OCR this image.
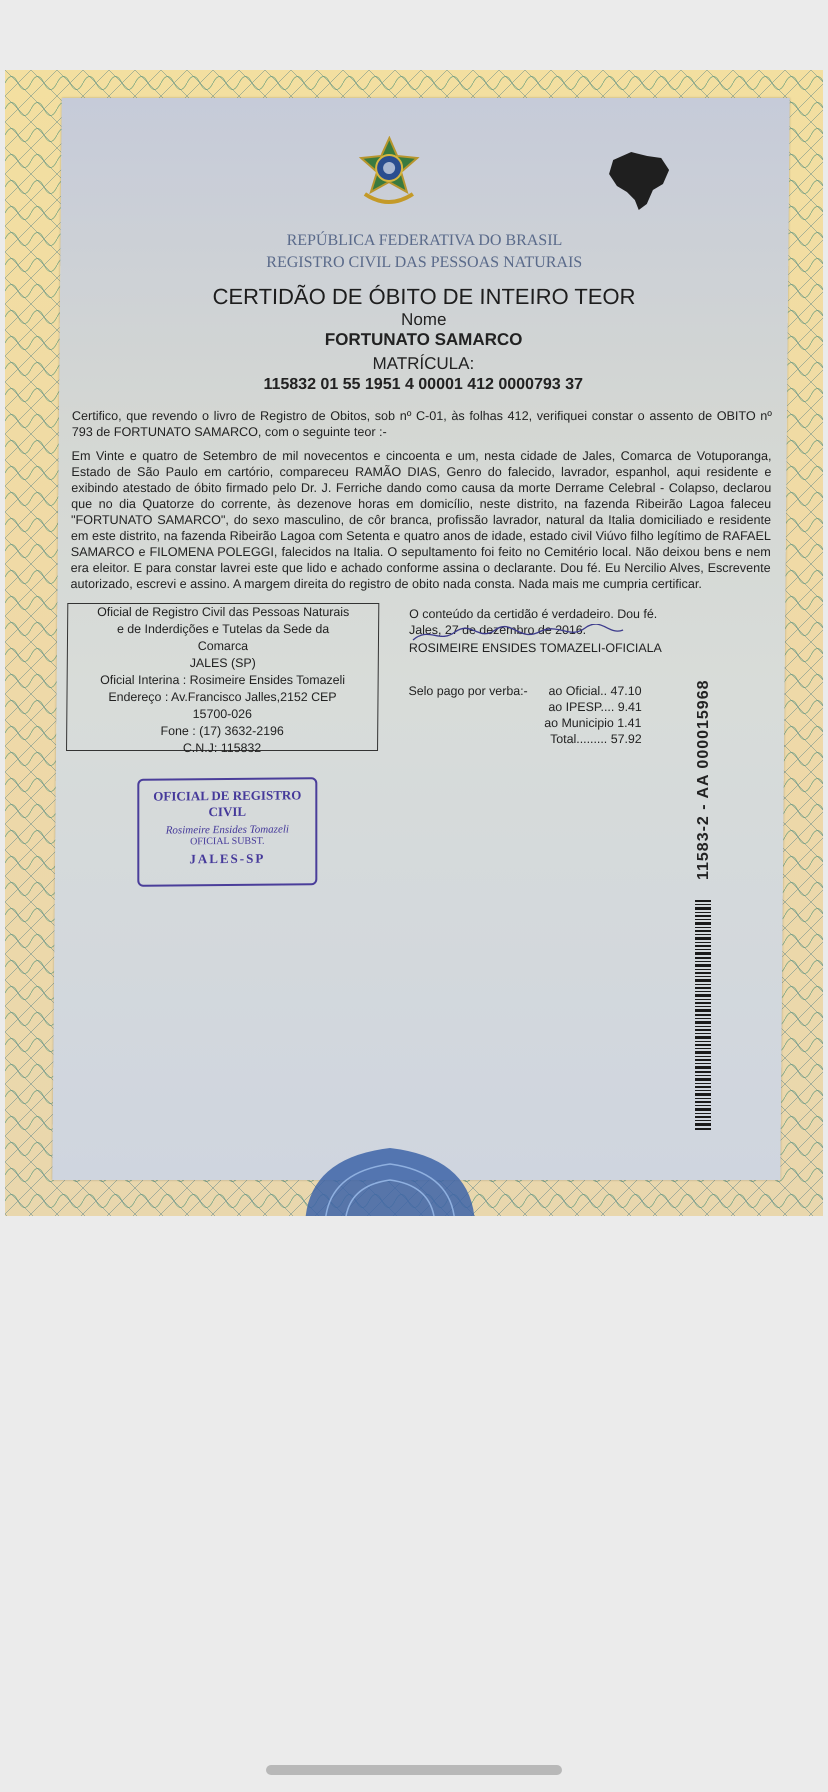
REPÚBLICA FEDERATIVA DO BRASIL
REGISTRO CIVIL DAS PESSOAS NATURAIS
CERTIDÃO DE ÓBITO DE INTEIRO TEOR
Nome
FORTUNATO SAMARCO
MATRÍCULA:
115832 01 55 1951 4 00001 412 0000793 37
Certifico, que revendo o livro de Registro de Obitos, sob nº C-01, às folhas 412, verifiquei constar o assento de OBITO nº 793 de FORTUNATO SAMARCO, com o seguinte teor :-
Em Vinte e quatro de Setembro de mil novecentos e cincoenta e um, nesta cidade de Jales, Comarca de Votuporanga, Estado de São Paulo em cartório, compareceu RAMÃO DIAS, Genro do falecido, lavrador, espanhol, aqui residente e exibindo atestado de óbito firmado pelo Dr. J. Ferriche dando como causa da morte Derrame Celebral - Colapso, declarou que no dia Quatorze do corrente, às dezenove horas em domicílio, neste distrito, na fazenda Ribeirão Lagoa faleceu "FORTUNATO SAMARCO", do sexo masculino, de côr branca, profissão lavrador, natural da Italia domiciliado e residente em este distrito, na fazenda Ribeirão Lagoa com Setenta e quatro anos de idade, estado civil Viúvo filho legítimo de RAFAEL SAMARCO e FILOMENA POLEGGI, falecidos na Italia. O sepultamento foi feito no Cemitério local. Não deixou bens e nem era eleitor. E para constar lavrei este que lido e achado conforme assina o declarante. Dou fé. Eu Nercilio Alves, Escrevente autorizado, escrevi e assino. A margem direita do registro de obito nada consta. Nada mais me cumpria certificar.
Oficial de Registro Civil das Pessoas Naturais
e de Inderdições e Tutelas da Sede da
Comarca
JALES (SP)
Oficial Interina : Rosimeire Ensides Tomazeli
Endereço : Av.Francisco Jalles,2152 CEP
15700-026
Fone : (17) 3632-2196
C.N.J: 115832
O conteúdo da certidão é verdadeiro. Dou fé.
Jales, 27 de dezembro de 2016.
ROSIMEIRE ENSIDES TOMAZELI-OFICIALA
Selo pago por verba:-	ao Oficial.. 47.10
ao IPESP.... 9.41
ao Municipio 1.41
Total......... 57.92
OFICIAL DE REGISTRO
CIVIL
Rosimeire Ensides Tomazeli
OFICIAL SUBST.
JALES-SP	11583-2 - AA 000015968
